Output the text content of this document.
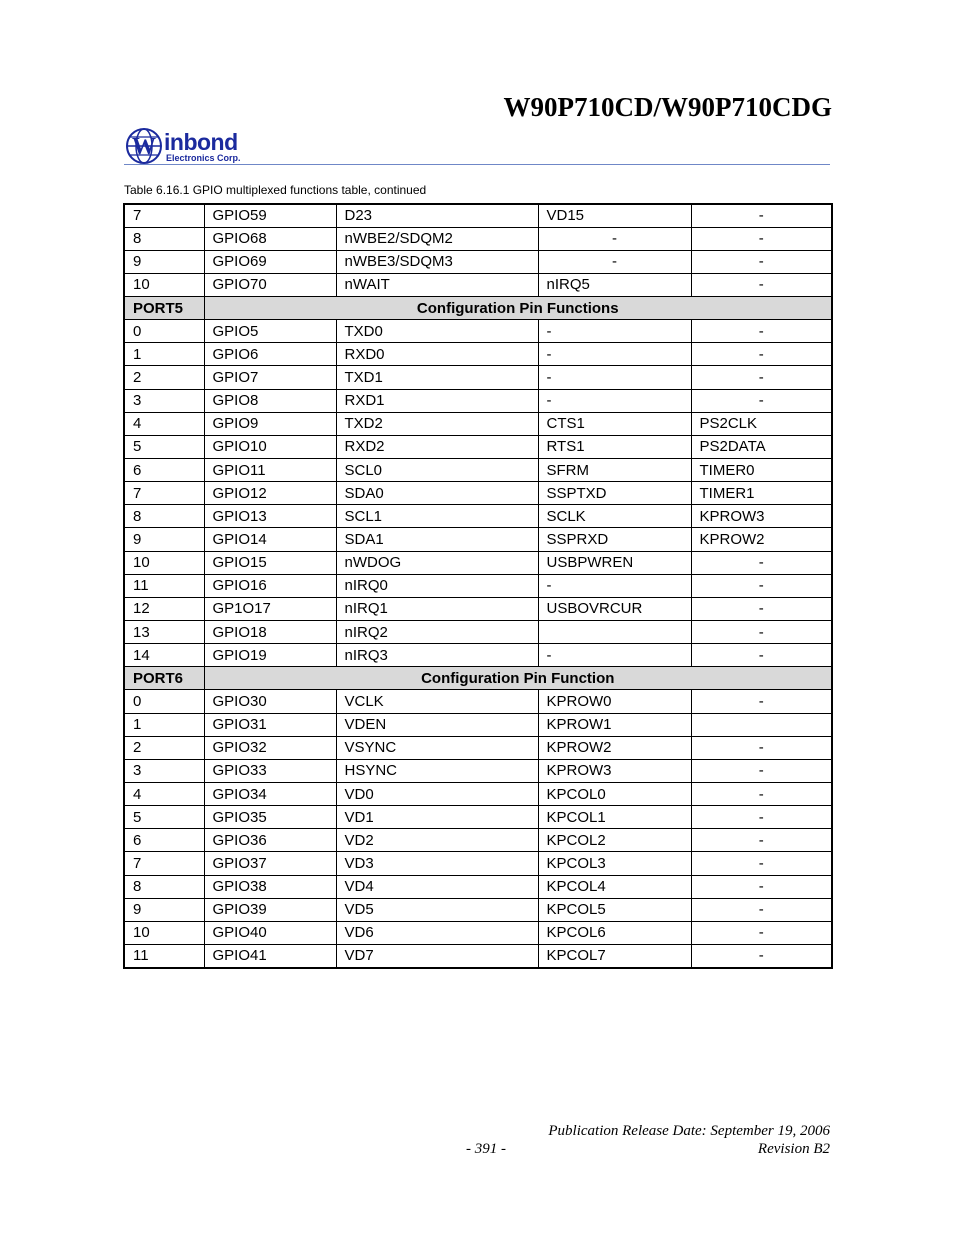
W90P710CD/W90P710CDG
W inbond
Electronics Corp.
Table 6.16.1 GPIO multiplexed functions table, continued
7	GPIO59	D23	VD15	-
8	GPIO68	nWBE2/SDQM2	-	-
9	GPIO69	nWBE3/SDQM3	-	-
10	GPIO70	nWAIT	nIRQ5	-
PORT5	Configuration Pin Functions			
0	GPIO5	TXD0	-	-
1	GPIO6	RXD0	-	-
2	GPIO7	TXD1	-	-
3	GPIO8	RXD1	-	-
4	GPIO9	TXD2	CTS1	PS2CLK
5	GPIO10	RXD2	RTS1	PS2DATA
6	GPIO11	SCL0	SFRM	TIMER0
7	GPIO12	SDA0	SSPTXD	TIMER1
8	GPIO13	SCL1	SCLK	KPROW3
9	GPIO14	SDA1	SSPRXD	KPROW2
10	GPIO15	nWDOG	USBPWREN	-
11	GPIO16	nIRQ0	-	-
12	GP1O17	nIRQ1	USBOVRCUR	-
13	GPIO18	nIRQ2		-
14	GPIO19	nIRQ3	-	-
PORT6	Configuration Pin Function			
0	GPIO30	VCLK	KPROW0	-
1	GPIO31	VDEN	KPROW1	
2	GPIO32	VSYNC	KPROW2	-
3	GPIO33	HSYNC	KPROW3	-
4	GPIO34	VD0	KPCOL0	-
5	GPIO35	VD1	KPCOL1	-
6	GPIO36	VD2	KPCOL2	-
7	GPIO37	VD3	KPCOL3	-
8	GPIO38	VD4	KPCOL4	-
9	GPIO39	VD5	KPCOL5	-
10	GPIO40	VD6	KPCOL6	-
11	GPIO41	VD7	KPCOL7	-
Publication Release Date: September 19, 2006
- 391 -	Revision B2
